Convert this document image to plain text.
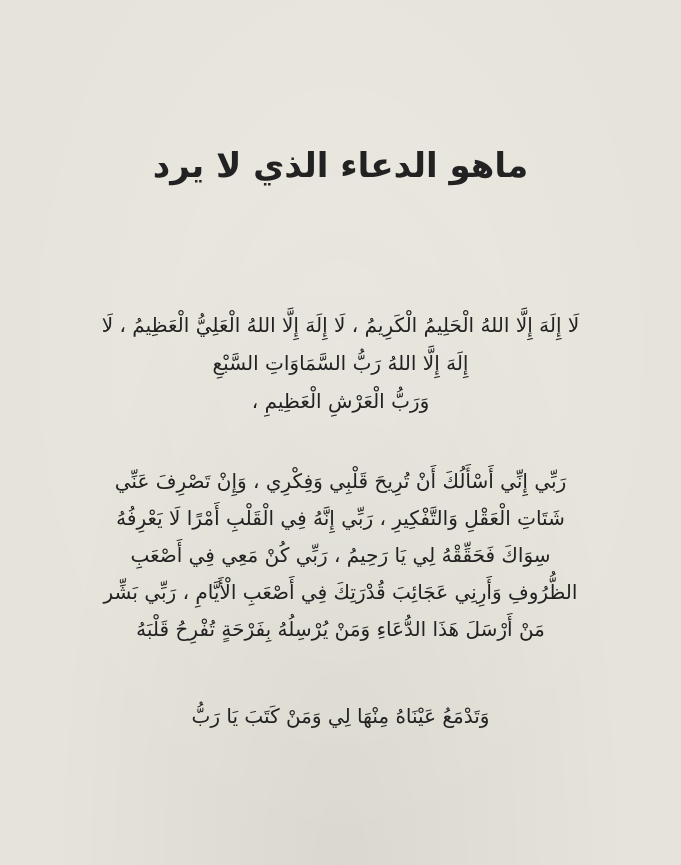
ماهو الدعاء الذي لا يرد
لَا إِلَهَ إِلَّا اللهُ الْحَلِيمُ الْكَرِيمُ ، لَا إِلَهَ إِلَّا اللهُ الْعَلِيُّ الْعَظِيمُ ، لَا
إِلَهَ إِلَّا اللهُ رَبُّ السَّمَاوَاتِ السَّبْعِ
وَرَبُّ الْعَرْشِ الْعَظِيمِ ،
رَبِّي إِنِّي أَسْأَلُكَ أَنْ تُرِيحَ قَلْبِي وَفِكْرِي ، وَإِنْ تَصْرِفَ عَنِّي
شَتَاتِ الْعَقْلِ وَالتَّفْكِيرِ ، رَبِّي إِنَّهُ فِي الْقَلْبِ أَمْرًا لَا يَعْرِفُهُ
سِوَاكَ فَحَقِّقْهُ لِي يَا رَحِيمُ ، رَبِّي كُنْ مَعِي فِي أَصْعَبِ
الظُّرُوفِ وَأَرِنِي عَجَائِبَ قُدْرَتِكَ فِي أَصْعَبِ الْأَيَّامِ ، رَبِّي بَشِّر
مَنْ أَرْسَلَ هَذَا الدُّعَاءِ وَمَنْ يُرْسِلُهُ بِفَرْحَةٍ تُفْرِحُ قَلْبَهُ
وَتَدْمَعُ عَيْنَاهُ مِنْهَا لِي وَمَنْ كَتَبَ يَا رَبُّ
